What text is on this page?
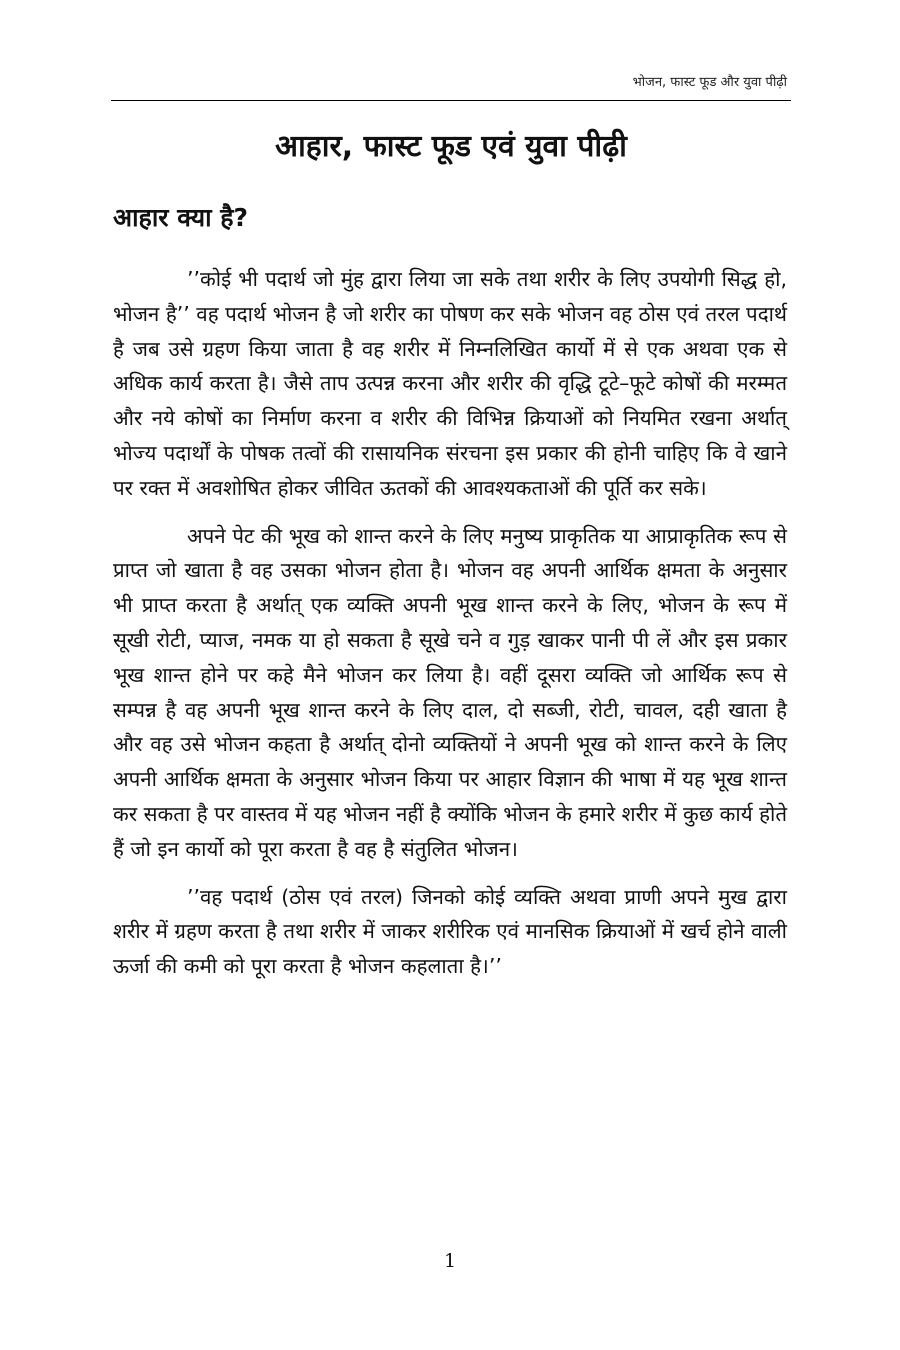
भोजन, फास्ट फूड और युवा पीढ़ी
आहार, फास्ट फूड एवं युवा पीढ़ी
आहार क्या है?

’’कोई भी पदार्थ जो मुंह द्वारा लिया जा सके तथा शरीर के लिए उपयोगी सिद्ध हो, भोजन है’’ वह पदार्थ भोजन है जो शरीर का पोषण कर सके भोजन वह ठोस एवं तरल पदार्थ है जब उसे ग्रहण किया जाता है वह शरीर में निम्नलिखित कार्यो में से एक अथवा एक से अधिक कार्य करता है। जैसे ताप उत्पन्न करना और शरीर की वृद्धि टूटे–फूटे कोषों की मरम्मत और नये कोषों का निर्माण करना व शरीर की विभिन्न क्रियाओं को नियमित रखना अर्थात् भोज्य पदार्थों के पोषक तत्वों की रासायनिक संरचना इस प्रकार की होनी चाहिए कि वे खाने पर रक्त में अवशोषित होकर जीवित ऊतकों की आवश्यकताओं की पूर्ति कर सके।

अपने पेट की भूख को शान्त करने के लिए मनुष्य प्राकृतिक या आप्राकृतिक रूप से प्राप्त जो खाता है वह उसका भोजन होता है। भोजन वह अपनी आर्थिक क्षमता के अनुसार भी प्राप्त करता है अर्थात् एक व्यक्ति अपनी भूख शान्त करने के लिए, भोजन के रूप में सूखी रोटी, प्याज, नमक या हो सकता है सूखे चने व गुड़ खाकर पानी पी लें और इस प्रकार भूख शान्त होने पर कहे मैने भोजन कर लिया है। वहीं दूसरा व्यक्ति जो आर्थिक रूप से सम्पन्न है वह अपनी भूख शान्त करने के लिए दाल, दो सब्जी, रोटी, चावल, दही खाता है और वह उसे भोजन कहता है अर्थात् दोनो व्यक्तियों ने अपनी भूख को शान्त करने के लिए अपनी आर्थिक क्षमता के अनुसार भोजन किया पर आहार विज्ञान की भाषा में यह भूख शान्त कर सकता है पर वास्तव में यह भोजन नहीं है क्योंकि भोजन के हमारे शरीर में कुछ कार्य होते हैं जो इन कार्यो को पूरा करता है वह है संतुलित भोजन।

’’वह पदार्थ (ठोस एवं तरल) जिनको कोई व्यक्ति अथवा प्राणी अपने मुख द्वारा शरीर में ग्रहण करता है तथा शरीर में जाकर शरीरिक एवं मानसिक क्रियाओं में खर्च होने वाली ऊर्जा की कमी को पूरा करता है भोजन कहलाता है।’’

1
